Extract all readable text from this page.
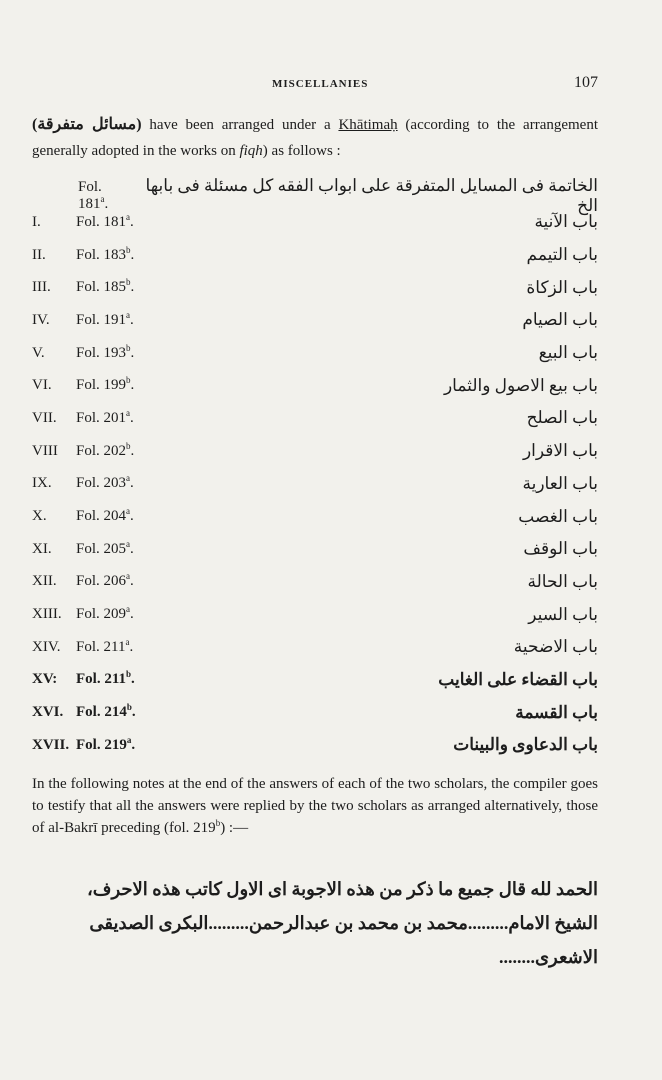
MISCELLANIES	107

(مسائل متفرقة) have been arranged under a Khātimaḥ (according to the arrangement generally adopted in the works on fiqh) as follows :

Fol. 181$^a$.
الخاتمة فى المسايل المتفرقة على ابواب الفقه كل مسئلة فى بابها الخ
I.	Fol. 181$^a$.	باب الآنية
II.	Fol. 183$^b$.	باب التيمم
III.	Fol. 185$^b$.	باب الزكاة
IV.	Fol. 191$^a$.	باب الصيام
V.	Fol. 193$^b$.	باب البيع
VI.	Fol. 199$^b$.	باب بيع الاصول والثمار
VII.	Fol. 201$^a$.	باب الصلح
VIII	Fol. 202$^b$.	باب الاقرار
IX.	Fol. 203$^a$.	باب العارية
X.	Fol. 204$^a$.	باب الغصب
XI.	Fol. 205$^a$.	باب الوقف
XII.	Fol. 206$^a$.	باب الحالة
XIII. Fol. 209$^a$.	باب السير
XIV.	Fol. 211$^a$.	باب الاضحية
XV:	Fol. 211$^b$.	باب القضاء على الغايب
XVI. Fol. 214$^b$.	باب القسمة
XVII. Fol. 219$^a$.	باب الدعاوى والبينات

In the following notes at the end of the answers of each of the two scholars, the compiler goes to testify that all the answers were replied by the two scholars as arranged alternatively, those of al-Bakrī preceding (fol. 219$^b$) :—

الحمد لله قال جميع ما ذكر من هذه الاجوبة اى الاول كاتب هذه الاحرف،
الشيخ الامام.........محمد بن محمد بن عبدالرحمن.........البكرى الصديقى
الاشعرى........
